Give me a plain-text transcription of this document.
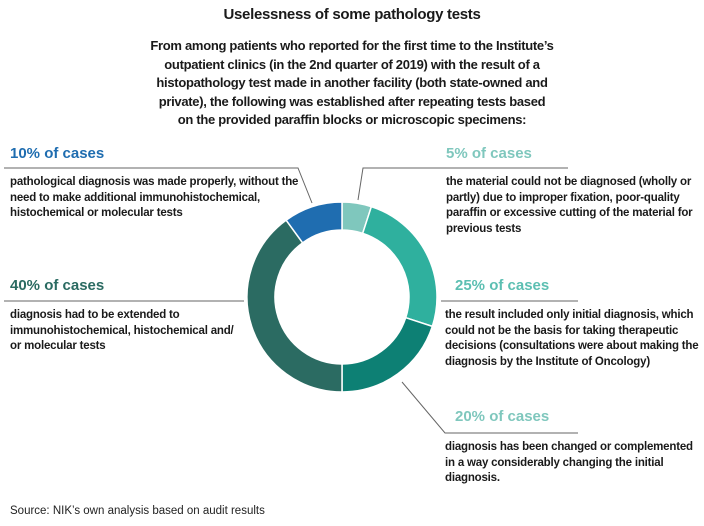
Uselessness of some pathology tests
From among patients who reported for the first time to the Institute’s outpatient clinics (in the 2nd quarter of 2019) with the result of a histopathology test made in another facility (both state-owned and private), the following was established after repeating tests based on the provided paraffin blocks or microscopic specimens:
10% of cases
pathological diagnosis was made properly, without the need to make additional immunohistochemical, histochemical or molecular tests
5% of cases
the material could not be diagnosed (wholly or partly) due to improper fixation, poor-quality paraffin or excessive cutting of the material for previous tests
40% of cases
diagnosis had to be extended to immunohistochemical, histochemical and/ or molecular tests
25% of cases
the result included only initial diagnosis, which could not be the basis for taking therapeutic decisions (consultations were about making the diagnosis by the Institute of Oncology)
20% of cases
diagnosis has been changed or complemented in a way considerably changing the initial diagnosis.
Source: NIK’s own analysis based on audit results
